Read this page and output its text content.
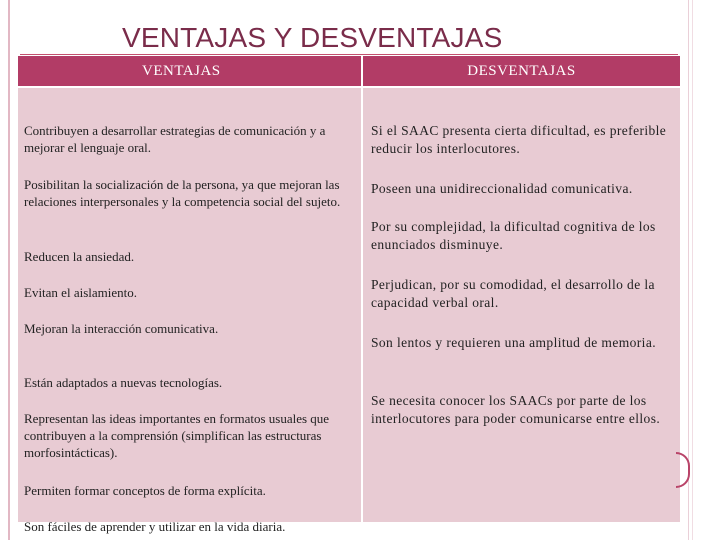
VENTAJAS Y DESVENTAJAS
VENTAJAS	DESVENTAJAS

Contribuyen a desarrollar estrategias de comunicación y a mejorar el lenguaje oral.

Posibilitan la socialización de la persona, ya que mejoran las relaciones interpersonales y la competencia social del sujeto.

Reducen la ansiedad.

Evitan el aislamiento.

Mejoran la interacción comunicativa.

Están adaptados a nuevas tecnologías.

Representan las ideas importantes en formatos usuales que contribuyen a la comprensión (simplifican las estructuras morfosintácticas).

Permiten formar conceptos de forma explícita.

Son fáciles de aprender y utilizar en la vida diaria.

Si el SAAC presenta cierta dificultad, es preferible reducir los interlocutores.

Poseen una unidireccionalidad comunicativa.

Por su complejidad, la dificultad cognitiva de los enunciados disminuye.

Perjudican, por su comodidad, el desarrollo de la capacidad verbal oral.

Son lentos y requieren una amplitud de memoria.

Se necesita conocer los SAACs por parte de los interlocutores para poder comunicarse entre ellos.
